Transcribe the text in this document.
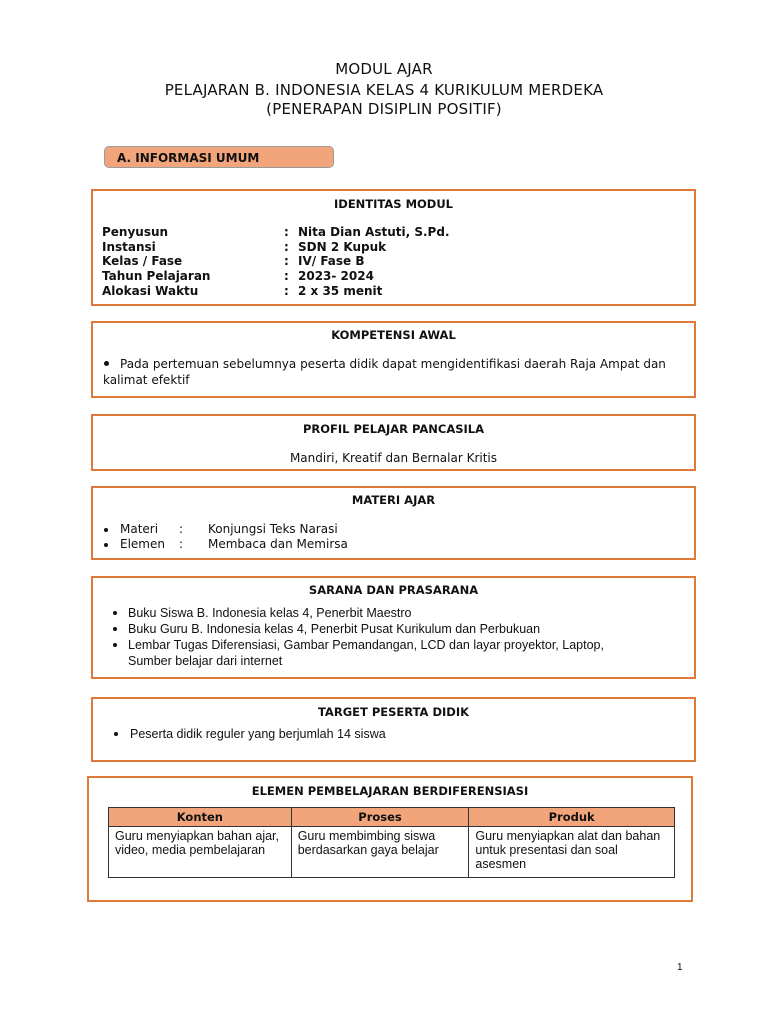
MODUL AJAR
PELAJARAN B. INDONESIA KELAS 4 KURIKULUM MERDEKA
(PENERAPAN DISIPLIN POSITIF)
A. INFORMASI UMUM
IDENTITAS MODUL
Penyusun	: Nita Dian Astuti, S.Pd.
Instansi	: SDN 2 Kupuk
Kelas / Fase	: IV/ Fase B
Tahun Pelajaran	: 2023- 2024
Alokasi Waktu	: 2 x 35 menit
KOMPETENSI AWAL
Pada pertemuan sebelumnya peserta didik dapat mengidentifikasi daerah Raja Ampat dan
kalimat efektif
PROFIL PELAJAR PANCASILA
Mandiri, Kreatif dan Bernalar Kritis
MATERI AJAR
Materi : Konjungsi Teks Narasi
Elemen : Membaca dan Memirsa
SARANA DAN PRASARANA
Buku Siswa B. Indonesia kelas 4, Penerbit Maestro
Buku Guru B. Indonesia kelas 4, Penerbit Pusat Kurikulum dan Perbukuan
Lembar Tugas Diferensiasi, Gambar Pemandangan, LCD dan layar proyektor, Laptop,
Sumber belajar dari internet
TARGET PESERTA DIDIK
Peserta didik reguler yang berjumlah 14 siswa
ELEMEN PEMBELAJARAN BERDIFERENSIASI
Konten	Proses	Produk
Guru menyiapkan bahan ajar, video, media pembelajaran	Guru membimbing siswa berdasarkan gaya belajar	Guru menyiapkan alat dan bahan untuk presentasi dan soal asesmen
1
